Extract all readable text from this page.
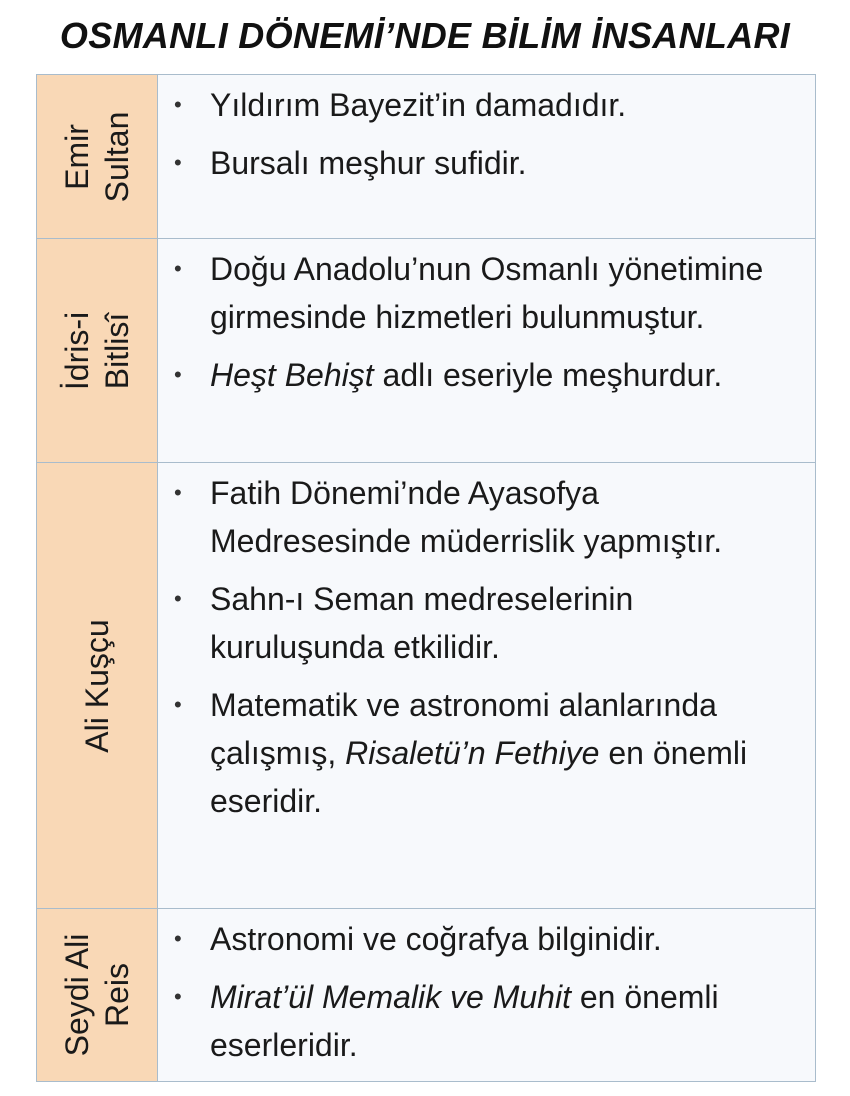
OSMANLI DÖNEMİ’NDE BİLİM İNSANLARI
Emir Sultan
• Yıldırım Bayezit’in damadıdır.
• Bursalı meşhur sufidir.
İdris-i Bitlisî
• Doğu Anadolu’nun Osmanlı yönetimine girmesinde hizmetleri bulunmuştur.
• Heşt Behişt adlı eseriyle meşhurdur.
Ali Kuşçu
• Fatih Dönemi’nde Ayasofya Medresesinde müderrislik yapmıştır.
• Sahn-ı Seman medreselerinin kuruluşunda etkilidir.
• Matematik ve astronomi alanlarında çalışmış, Risaletü’n Fethiye en önemli eseridir.
Seydi Ali Reis
• Astronomi ve coğrafya bilginidir.
• Mirat’ül Memalik ve Muhit en önemli eserleridir.
